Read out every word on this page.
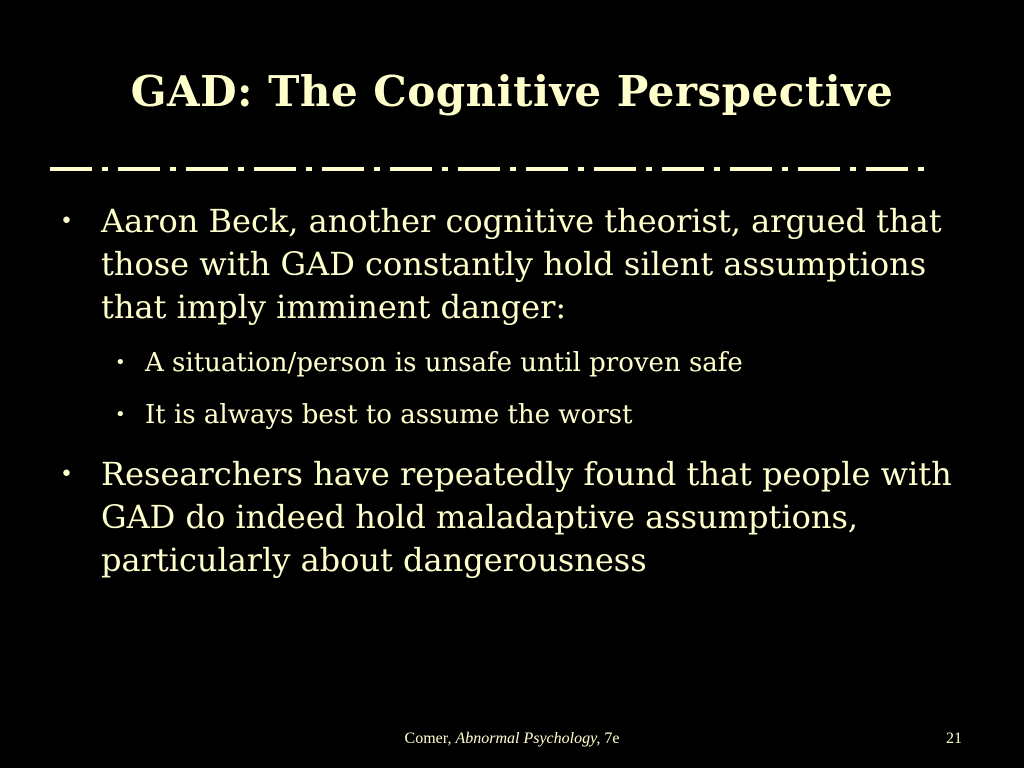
GAD: The Cognitive Perspective
• Aaron Beck, another cognitive theorist, argued that those with GAD constantly hold silent assumptions that imply imminent danger:
• A situation/person is unsafe until proven safe
• It is always best to assume the worst
• Researchers have repeatedly found that people with GAD do indeed hold maladaptive assumptions, particularly about dangerousness
Comer, Abnormal Psychology, 7e	21
